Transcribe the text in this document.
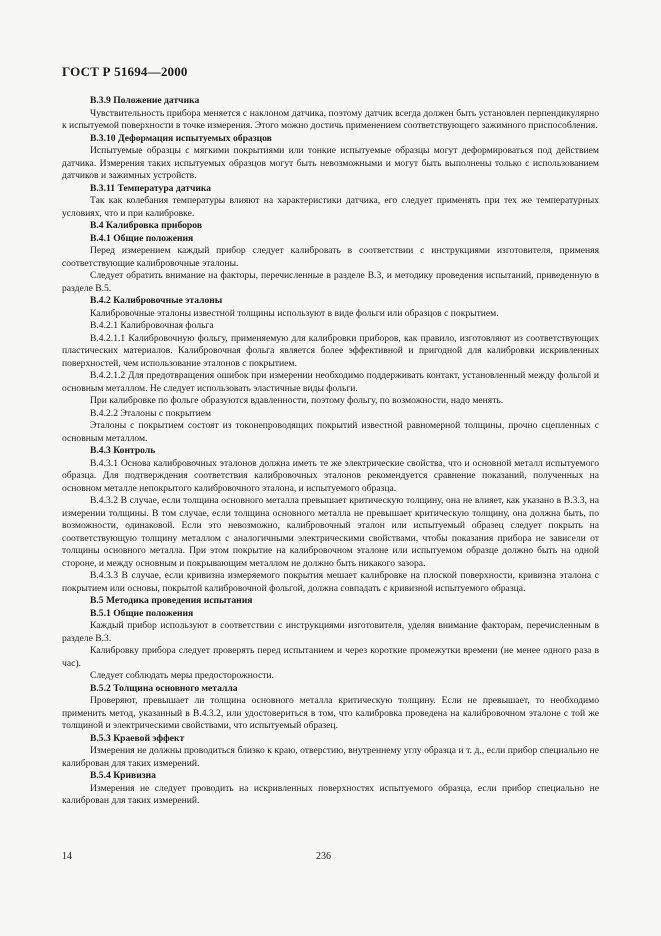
ГОСТ Р 51694—2000

В.3.9 Положение датчика

Чувствительность прибора меняется с наклоном датчика, поэтому датчик всегда должен быть установлен перпендикулярно к испытуемой поверхности в точке измерения. Этого можно достичь применением соответствующего зажимного приспособления.

В.3.10 Деформация испытуемых образцов

Испытуемые образцы с мягкими покрытиями или тонкие испытуемые образцы могут деформироваться под действием датчика. Измерения таких испытуемых образцов могут быть невозможными и могут быть выполнены только с использованием датчиков и зажимных устройств.

В.3.11 Температура датчика

Так как колебания температуры влияют на характеристики датчика, его следует применять при тех же температурных условиях, что и при калибровке.

В.4 Калибровка приборов

В.4.1 Общие положения

Перед измерением каждый прибор следует калибровать в соответствии с инструкциями изготовителя, применяя соответствующие калибровочные эталоны.

Следует обратить внимание на факторы, перечисленные в разделе В.3, и методику проведения испытаний, приведенную в разделе В.5.

В.4.2 Калибровочные эталоны

Калибровочные эталоны известной толщины используют в виде фольги или образцов с покрытием.

В.4.2.1 Калибровочная фольга

В.4.2.1.1 Калибровочную фольгу, применяемую для калибровки приборов, как правило, изготовляют из соответствующих пластических материалов. Калибровочная фольга является более эффективной и пригодной для калибровки искривленных поверхностей, чем использование эталонов с покрытием.

В.4.2.1.2 Для предотвращения ошибок при измерении необходимо поддерживать контакт, установленный между фольгой и основным металлом. Не следует использовать эластичные виды фольги.

При калибровке по фольге образуются вдавленности, поэтому фольгу, по возможности, надо менять.

В.4.2.2 Эталоны с покрытием

Эталоны с покрытием состоят из токонепроводящих покрытий известной равномерной толщины, прочно сцепленных с основным металлом.

В.4.3 Контроль

В.4.3.1 Основа калибровочных эталонов должна иметь те же электрические свойства, что и основной металл испытуемого образца. Для подтверждения соответствия калибровочных эталонов рекомендуется сравнение показаний, полученных на основном металле непокрытого калибровочного эталона, и испытуемого образца.

В.4.3.2 В случае, если толщина основного металла превышает критическую толщину, она не влияет, как указано в В.3.3, на измерении толщины. В том случае, если толщина основного металла не превышает критическую толщину, она должна быть, по возможности, одинаковой. Если это невозможно, калибровочный эталон или испытуемый образец следует покрыть на соответствующую толщину металлом с аналогичными электрическими свойствами, чтобы показания прибора не зависели от толщины основного металла. При этом покрытие на калибровочном эталоне или испытуемом образце должно быть на одной стороне, и между основным и покрывающим металлом не должно быть никакого зазора.

В.4.3.3 В случае, если кривизна измеряемого покрытия мешает калибровке на плоской поверхности, кривизна эталона с покрытием или основы, покрытой калибровочной фольгой, должна совпадать с кривизной испытуемого образца.

В.5 Методика проведения испытания

В.5.1 Общие положения

Каждый прибор используют в соответствии с инструкциями изготовителя, уделяя внимание факторам, перечисленным в разделе В.3.

Калибровку прибора следует проверять перед испытанием и через короткие промежутки времени (не менее одного раза в час).

Следует соблюдать меры предосторожности.

В.5.2 Толщина основного металла

Проверяют, превышает ли толщина основного металла критическую толщину. Если не превышает, то необходимо применить метод, указанный в В.4.3.2, или удостовериться в том, что калибровка проведена на калибровочном эталоне с той же толщиной и электрическими свойствами, что испытуемый образец.

В.5.3 Краевой эффект

Измерения не должны проводиться близко к краю, отверстию, внутреннему углу образца и т. д., если прибор специально не калиброван для таких измерений.

В.5.4 Кривизна

Измерения не следует проводить на искривленных поверхностях испытуемого образца, если прибор специально не калиброван для таких измерений.

14	236
